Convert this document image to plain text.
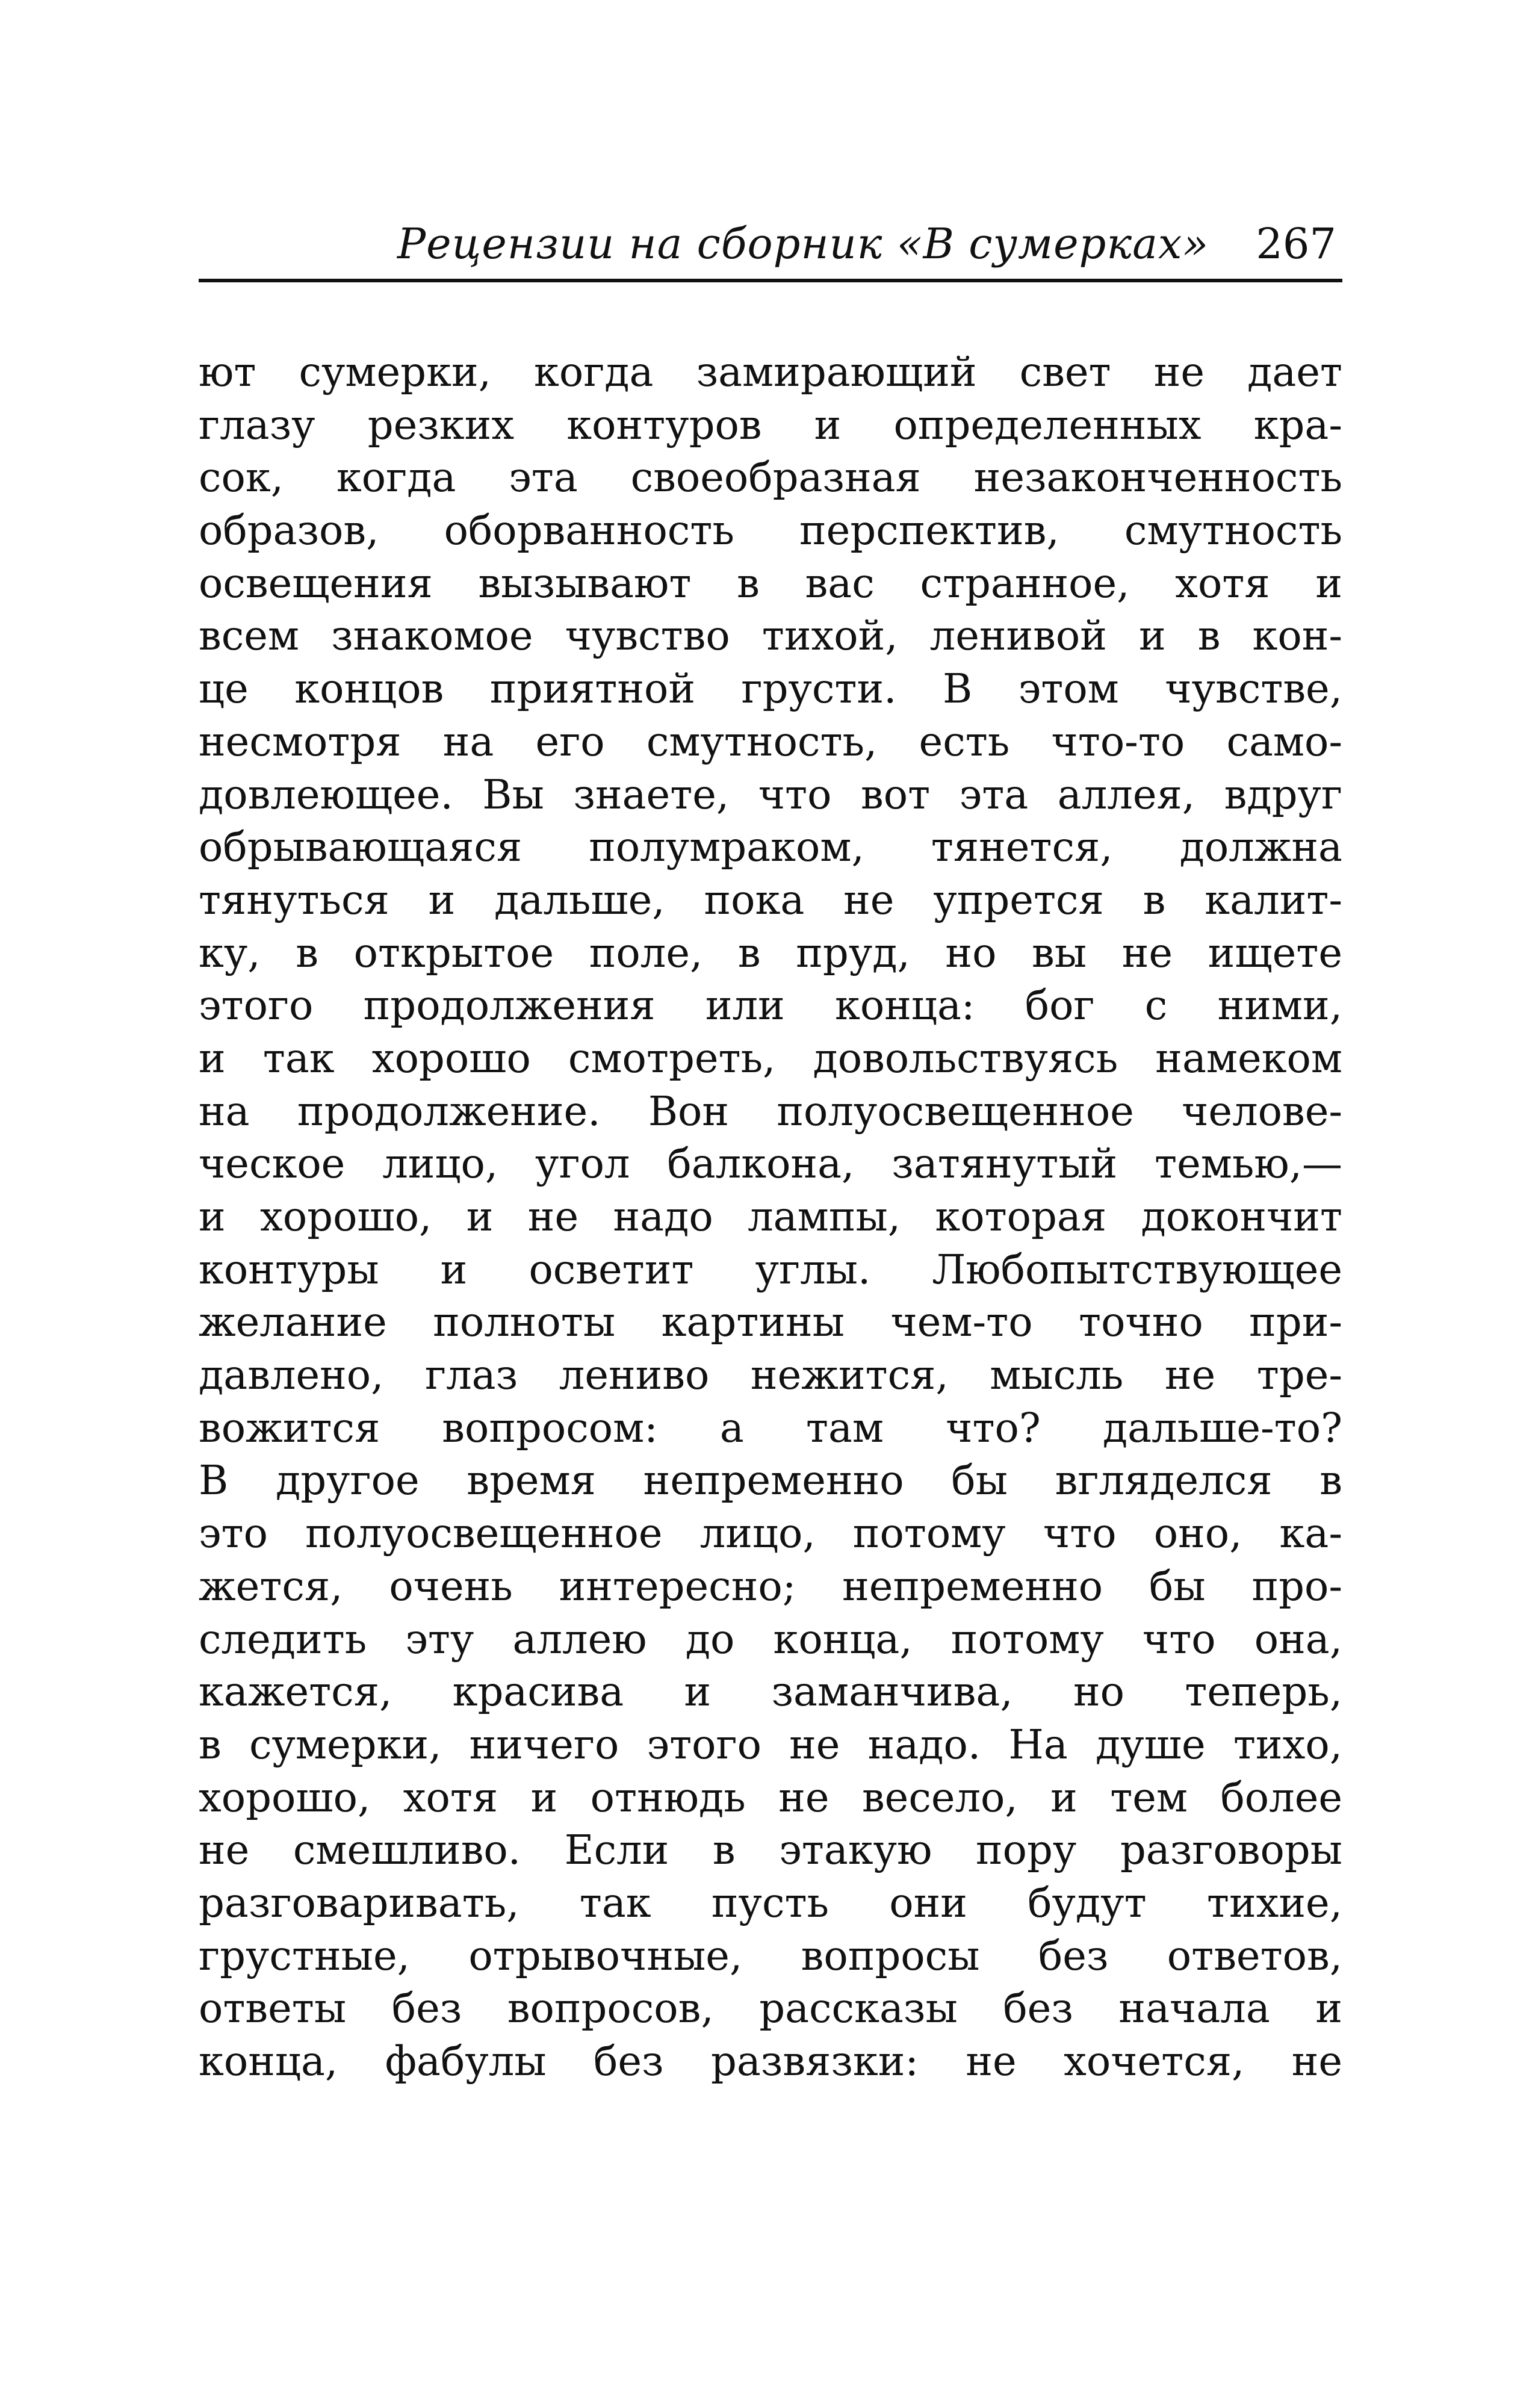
Рецензии на сборник «В сумерках» 267
ют сумерки, когда замирающий свет не дает
глазу резких контуров и определенных кра-
сок, когда эта своеобразная незаконченность
образов, оборванность перспектив, смутность
освещения вызывают в вас странное, хотя и
всем знакомое чувство тихой, ленивой и в кон-
це концов приятной грусти. В этом чувстве,
несмотря на его смутность, есть что-то само-
довлеющее. Вы знаете, что вот эта аллея, вдруг
обрывающаяся полумраком, тянется, должна
тянуться и дальше, пока не упрется в калит-
ку, в открытое поле, в пруд, но вы не ищете
этого продолжения или конца: бог с ними,
и так хорошо смотреть, довольствуясь намеком
на продолжение. Вон полуосвещенное челове-
ческое лицо, угол балкона, затянутый темью,—
и хорошо, и не надо лампы, которая докончит
контуры и осветит углы. Любопытствующее
желание полноты картины чем-то точно при-
давлено, глаз лениво нежится, мысль не тре-
вожится вопросом: а там что? дальше-то?
В другое время непременно бы вгляделся в
это полуосвещенное лицо, потому что оно, ка-
жется, очень интересно; непременно бы про-
следить эту аллею до конца, потому что она,
кажется, красива и заманчива, но теперь,
в сумерки, ничего этого не надо. На душе тихо,
хорошо, хотя и отнюдь не весело, и тем более
не смешливо. Если в этакую пору разговоры
разговаривать, так пусть они будут тихие,
грустные, отрывочные, вопросы без ответов,
ответы без вопросов, рассказы без начала и
конца, фабулы без развязки: не хочется, не
